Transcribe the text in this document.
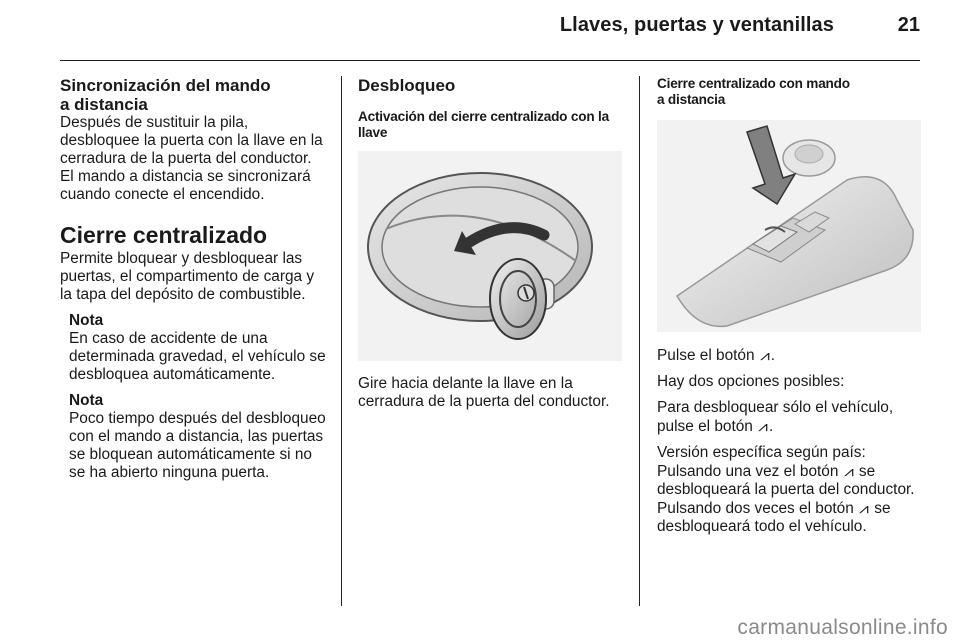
Llaves, puertas y ventanillas	21
Sincronización del mando
a distancia

Después de sustituir la pila, desbloquee la puerta con la llave en la cerradura de la puerta del conductor. El mando a distancia se sincronizará cuando conecte el encendido.

Cierre centralizado

Permite bloquear y desbloquear las puertas, el compartimento de carga y la tapa del depósito de combustible.

Nota

En caso de accidente de una determinada gravedad, el vehículo se desbloquea automáticamente.

Nota

Poco tiempo después del desbloqueo con el mando a distancia, las puertas se bloquean automáticamente si no se ha abierto ninguna puerta.

Desbloqueo
Activación del cierre centralizado con la llave

Gire hacia delante la llave en la cerradura de la puerta del conductor.

Cierre centralizado con mando
a distancia

Pulse el botón ⩘.

Hay dos opciones posibles:

Para desbloquear sólo el vehículo, pulse el botón ⩘.

Versión específica según país: Pulsando una vez el botón ⩘ se desbloqueará la puerta del conductor. Pulsando dos veces el botón ⩘ se desbloqueará todo el vehículo.

carmanualsonline.info
